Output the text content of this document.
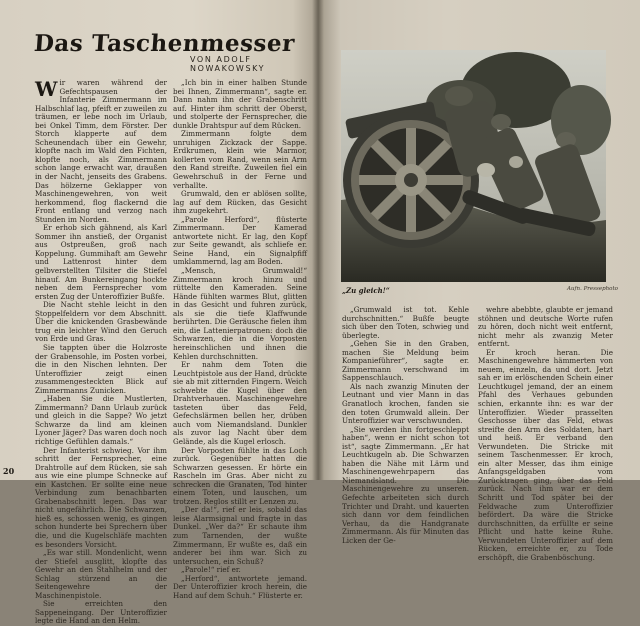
Das Taschenmesser
VON ADOLF NOWAKOWSKY

Wir waren während der Gefechtspausen der Infanterie Zimmermann im Halbschlaf lag, pfeift er zuweilen zu träumen, er lebe noch im Urlaub, bei Onkel Timm, dem Förster. Der Storch klapperte auf dem Scheunendach über ein Gewehr, klopfte nach im Wald den Fichten, klopfte noch, als Zimmermann schon lange erwacht war, draußen in der Nacht, jenseits des Grabens. Das hölzerne Geklapper von Maschinengewehren, von weit herkommend, flog flackernd die Front entlang und verzog nach Stunden im Norden.

Er erhob sich gähnend, als Karl Sommer ihn anstieß, der Organist aus Ostpreußen, groß nach Koppelung. Gummihaft am Gewehr und Lattenrost hinter dem gelbverstellten Tilsiter die Stiefel hinauf. Am Bunkereingang hockte neben dem Fernsprecher vom ersten Zug der Unteroffizier Bußfe.

Die Nacht stehle leicht in den Stoppelfeldern vor dem Abschnitt. Über die knickenden Grasbewände trug ein leichter Wind den Geruch von Erde und Gras.

Sie tappten über die Holzroste der Grabensohle, im Posten vorbei, die in den Nischen lehnten. Der Unteroffizier zeigt einen zusammengesteckten Blick auf Zimmermanns Zunicken.

„Haben Sie die Mustlerten, Zimmermann? Dann Urlaub zurück und gleich in die Sappe? Wo jetzt Schwarze da lind am kleinen Lyoner Jäger? Das waren doch noch richtige Gefühlen damals.“

Der Infanterist schwieg. Vor ihm schritt der Fernsprecher, eine Drahtrolle auf dem Rücken, sie sah aus wie eine plumpe Schnecke auf ein Kastchen. Er sollte eine neue Verbindung zum benachbarten Grabenabschnitt legen. Das war nicht ungefährlich. Die Schwarzen, hieß es, schossen wenig, es gingen schon hunderte bei Sprechern über die, und die Kugelschläfe machten es besonders Vorsicht.

„Es war still. Mondenlicht, wenn der Stiefel ausglitt, klopfte das Gewehr an den Stahlhelm und der Schlag stürzend an die Seitengewehre der Maschinenpistole.

Sie erreichten den Sappeneingang. Der Unteroffizier legte die Hand an den Helm.

„Ich bin in einer halben Stunde bei Ihnen, Zimmermann“, sagte er. Dann nahm ihn der Grabenschritt auf. Hinter ihm schritt der Oberst, und stolperte der Fernsprecher, die dunkle Drahtspur auf dem Rücken.

Zimmermann folgte dem unruhigen Zickzack der Sappe. Erdkrumen, klein wie Marmor, kollerten vom Rand, wenn sein Arm den Rand streifte. Zuweilen fiel ein Gewehrschuß in der Ferne und verhallte.

Grumwald, den er ablösen sollte, lag auf dem Rücken, das Gesicht ihm zugekehrt.

„Parole Herford“, flüsterte Zimmermann. Der Kamerad antwortete nicht. Er lag, den Kopf zur Seite gewandt, als schliefe er. Seine Hand, ein Signalpfiff umklammernd, lag am Boden.

„Mensch, Grumwald!“ Zimmermann kroch hinzu und rüttelte den Kameraden. Seine Hände fühlten warmes Blut, glitten in das Gesicht und fuhren zurück, als sie die tiefe Klaffwunde berührten. Die Geräusche fielen ihm ein, die Lattenierpatronen: doch die Schwarzen, die in die Vorposten hereinschlichen und ihnen die Kehlen durchschnitten.

Er nahm dem Toten die Leuchtpistole aus der Hand, drückte sie ab mit zitternden Fingern. Weich schwebte die Kugel über den Drahtverhauen. Maschinengewehre tasteten über das Feld, Gefechslärmen bellen her, drüben auch vom Niemandsland. Dunkler als zuvor lag Nacht über dem Gelände, als die Kugel erlosch.

Der Vorposten fühlte in das Loch zurück. Gegenüber hatten die Schwarzen gesessen. Er hörte ein Rascheln im Gras. Aber nicht zu schrecken die Granaten, Tod hinter einem Toten, und lauschen, um trotzen. Reglos stillt er Lenzen zu.

„Der da!“, rief er leis, sobald das leise Alarmsignal und fragte in das Dunkel. „Wer da?“ Er schaute ihm zum Tarnenden, der wußte Zimmermann, Er wußte es, daß ein anderer bei ihm war. Sich zu untersuchen, ein Schuß?

„Parole!“ rief er.

„Herford“, antwortete jemand. Der Unteroffizier kroch herein, die Hand auf dem Schuh.“ Flüsterte er.

20
„Zu gleich!“	Aufn. Pressephoto

„Grumwald ist tot. Kehle durchschnitten.“ Bußfe beugte sich über den Toten, schwieg und überlegte.

„Gehen Sie in den Graben, machen Sie Meldung beim Kompanieführer“, sagte er. Zimmermann verschwand im Sappenschlauch.

Als nach zwanzig Minuten der Leutnant und vier Mann in das Granatloch krochen, fanden sie den toten Grumwald allein. Der Unteroffizier war verschwunden.

„Sie werden ihn fortgeschleppt haben“, wenn er nicht schon tot ist“, sagte Zimmermann. „Er hat Leuchtkugeln ab. Die Schwarzen haben die Nähe mit Lärm und Maschinengewehrpapern das Niemandsland. Die Maschinengewehre zu unseren. Gefechte arbeiteten sich durch Trichter und Draht. und kauerten sich dann vor dem feindlichen Verhau, da die Handgranate Zimmermann. Als für Minuten das Licken der Ge-

wehre abebbte, glaubte er jemand stöhnen und deutsche Worte rufen zu hören, doch nicht weit entfernt, nicht mehr als zwanzig Meter entfernt.

Er kroch heran. Die Maschinengewehre hämmerten von neuem, einzeln, da und dort. Jetzt sah er im erlöschenden Schein einer Leuchtkugel jemand, der an einem Pfahl des Verhaues gebunden schien, erkannte ihn: es war der Unteroffizier. Wieder prasselten Geschosse über das Feld, etwas streifte den Arm des Soldaten, hart und heiß. Er verband den Verwundeten. Die Stricke mit seinem Taschenmesser. Er kroch, ein alter Messer, das ihm einige Anfangsgeldgaben vom Zurücktragen ging, über das Feld zurück. Nach ihm war er dem Schritt und Tod später bei der Feldwache zum Unteroffizier befördert. Da wäre die Stricke durchschnitten, da erfüllte er seine Pflicht und hatte keine Ruhe. Verwundeten Unteroffizier auf dem Rücken, erreichte er, zu Tode erschöpft, die Grabenböschung.
